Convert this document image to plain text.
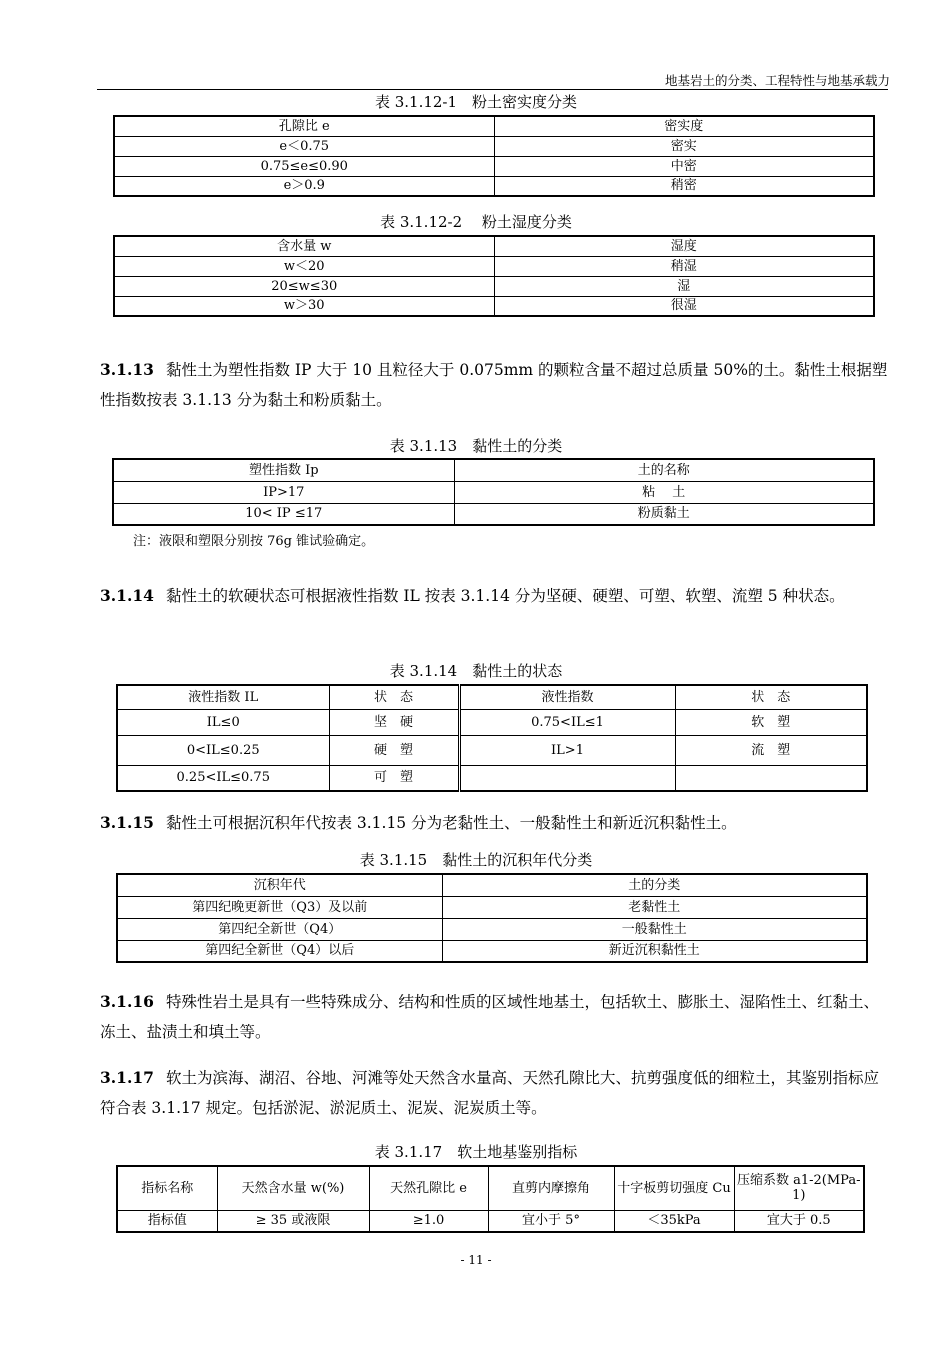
地基岩土的分类、工程特性与地基承载力
表 3.1.12-1　粉土密实度分类
孔隙比 e	密实度
e＜0.75	密实
0.75≤e≤0.90	中密
e＞0.9	稍密
表 3.1.12-2　 粉土湿度分类
含水量 w	湿度
w＜20	稍湿
20≤w≤30	湿
w＞30	很湿
3.1.13 黏性土为塑性指数 IP 大于 10 且粒径大于 0.075mm 的颗粒含量不超过总质量 50%的土。黏性土根据塑性指数按表 3.1.13 分为黏土和粉质黏土。
表 3.1.13　黏性土的分类
塑性指数 Ip	土的名称
IP>17	粘　 土
10< IP ≤17	粉质黏土
注：液限和塑限分别按 76g 锥试验确定。
3.1.14 黏性土的软硬状态可根据液性指数 IL 按表 3.1.14 分为坚硬、硬塑、可塑、软塑、流塑 5 种状态。
表 3.1.14　黏性土的状态
液性指数 IL	状　态	液性指数	状　态
IL≤0	坚　硬	0.75<IL≤1	软　塑
0<IL≤0.25	硬　塑	IL>1	流　塑
0.25<IL≤0.75	可　塑		
3.1.15 黏性土可根据沉积年代按表 3.1.15 分为老黏性土、一般黏性土和新近沉积黏性土。
表 3.1.15　黏性土的沉积年代分类
沉积年代	土的分类
第四纪晚更新世（Q3）及以前	老黏性土
第四纪全新世（Q4）	一般黏性土
第四纪全新世（Q4）以后	新近沉积黏性土
3.1.16 特殊性岩土是具有一些特殊成分、结构和性质的区域性地基土，包括软土、膨胀土、湿陷性土、红黏土、冻土、盐渍土和填土等。
3.1.17 软土为滨海、湖沼、谷地、河滩等处天然含水量高、天然孔隙比大、抗剪强度低的细粒土，其鉴别指标应符合表 3.1.17 规定。包括淤泥、淤泥质土、泥炭、泥炭质土等。
表 3.1.17　软土地基鉴别指标
指标名称	天然含水量 w(%)	天然孔隙比 e	直剪内摩擦角	十字板剪切强度 Cu	压缩系数 a1-2(MPa-1)
指标值	≥ 35 或液限	≥1.0	宜小于 5°	＜35kPa	宜大于 0.5
- 11 -
